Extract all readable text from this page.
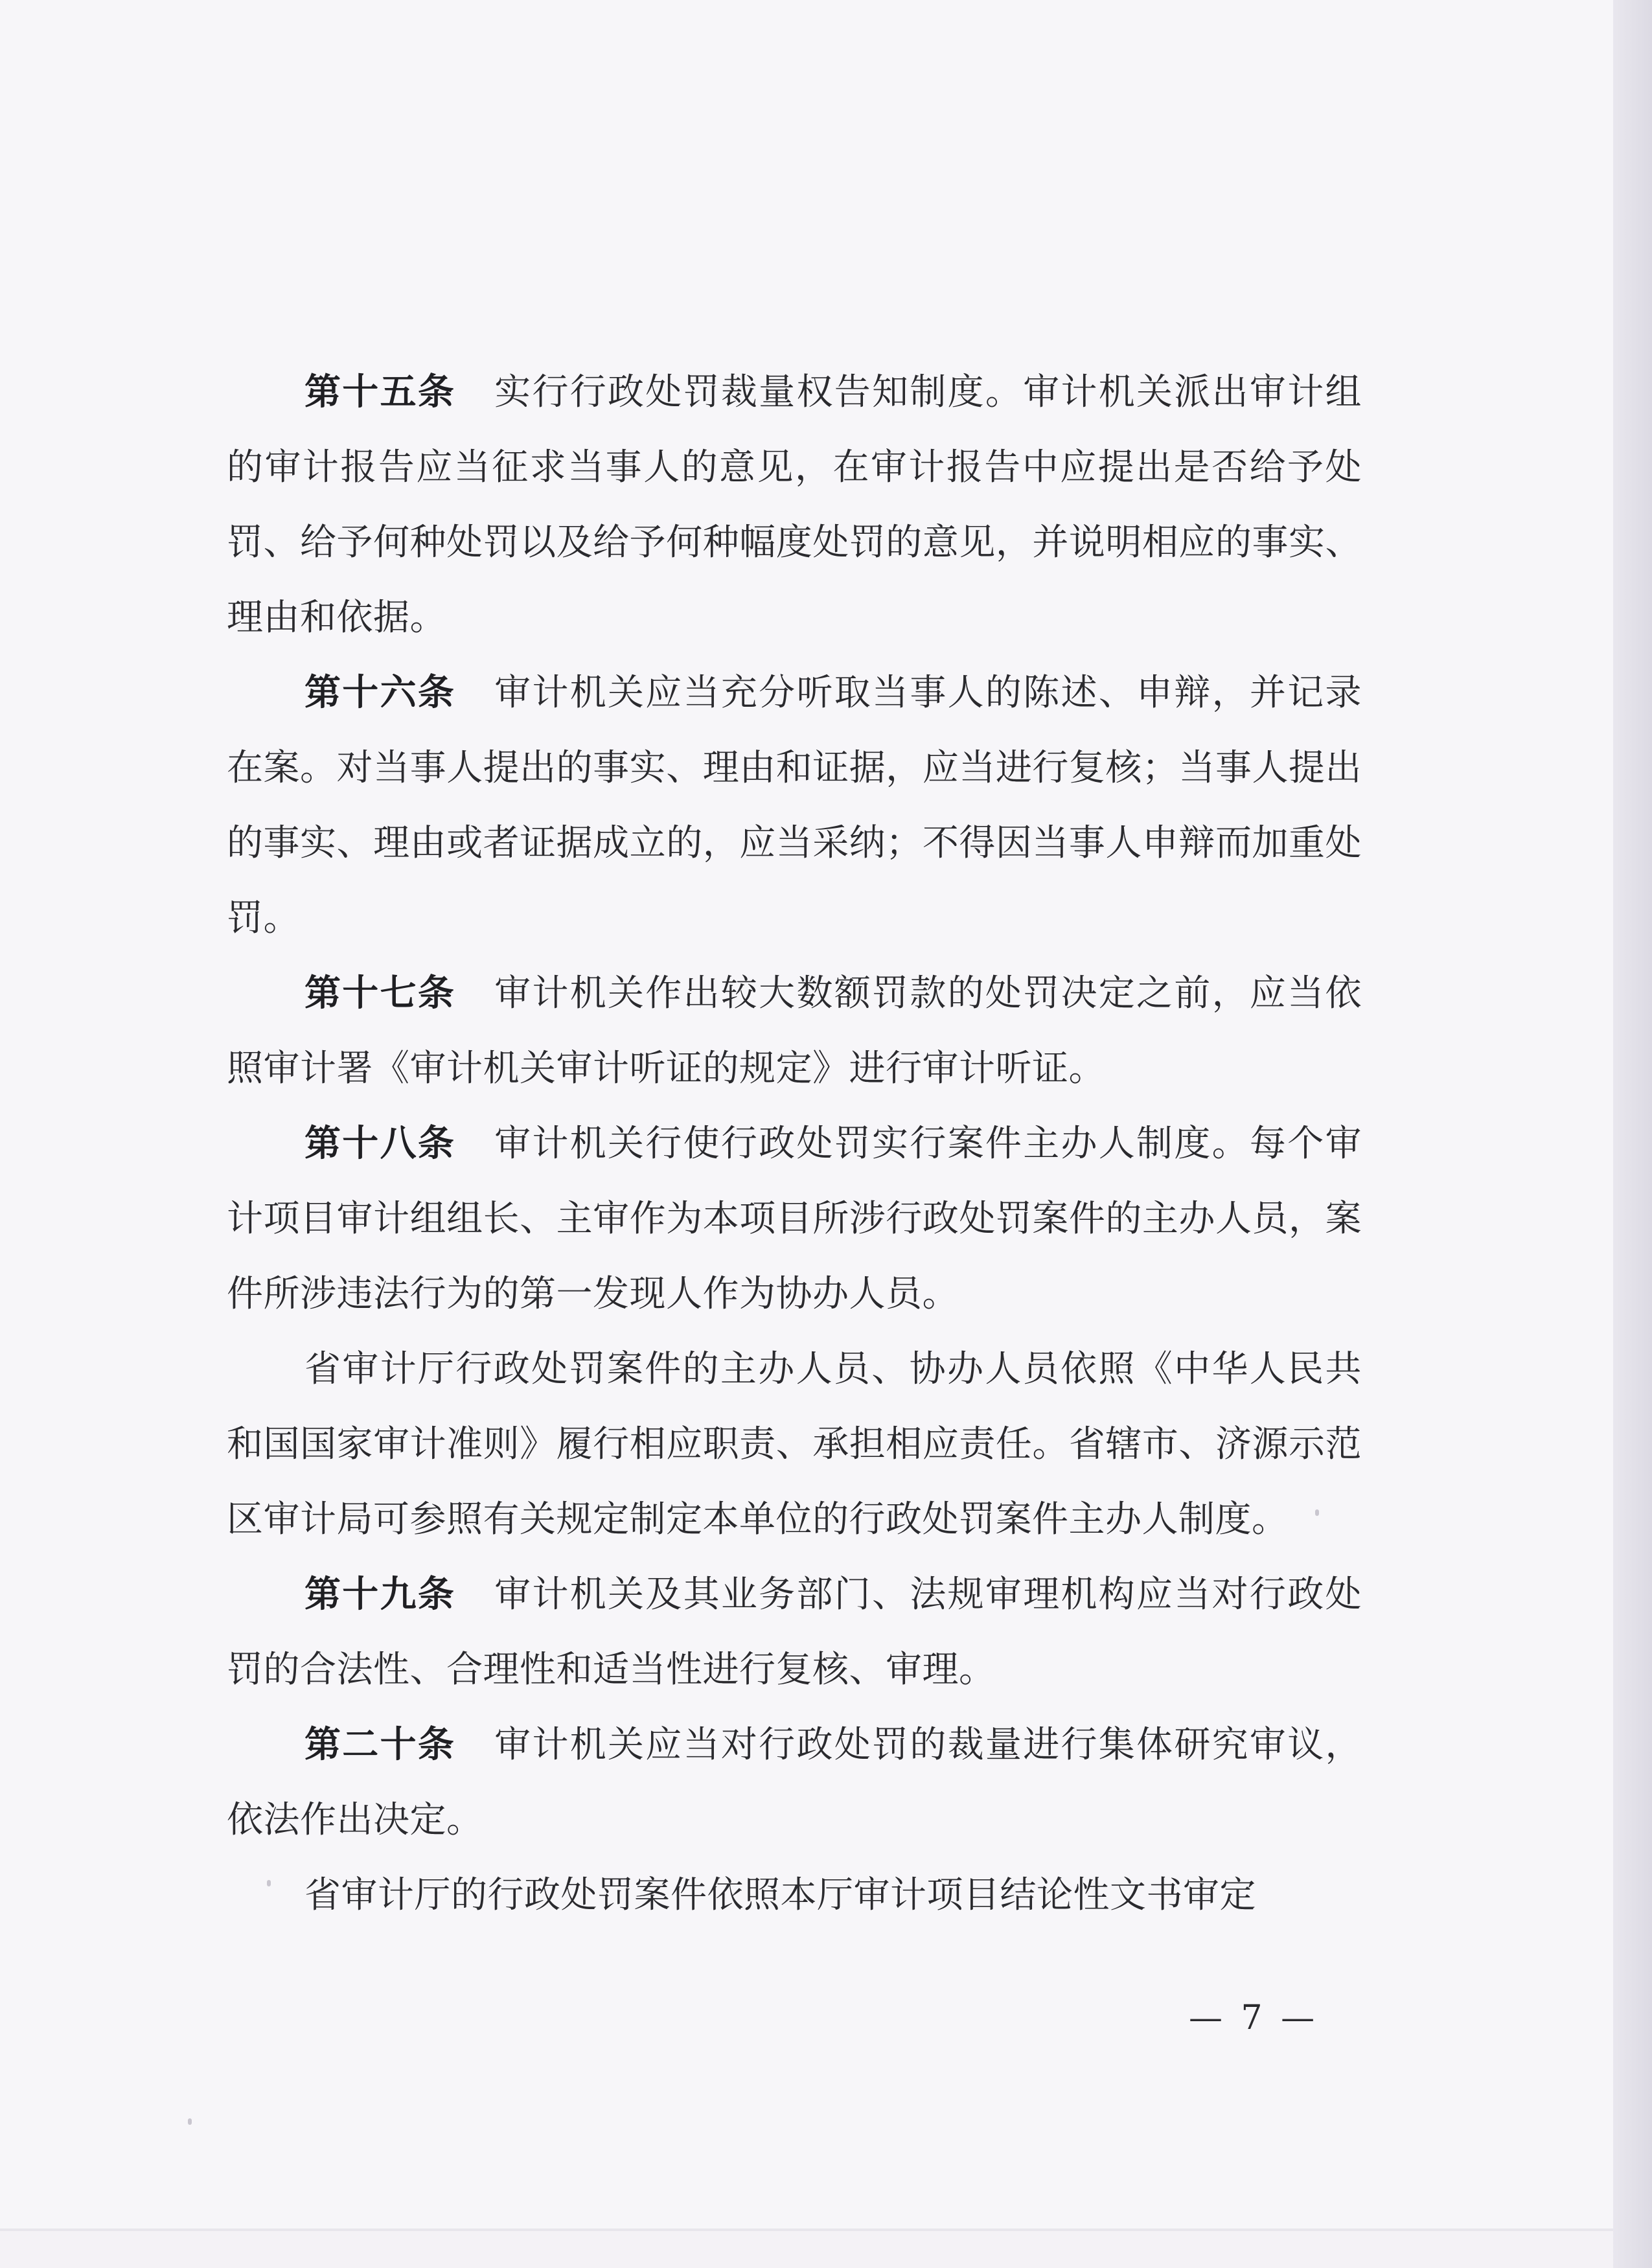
第十五条 实行行政处罚裁量权告知制度。审计机关派出审计组的审计报告应当征求当事人的意见，在审计报告中应提出是否给予处罚、给予何种处罚以及给予何种幅度处罚的意见，并说明相应的事实、理由和依据。

第十六条 审计机关应当充分听取当事人的陈述、申辩，并记录在案。对当事人提出的事实、理由和证据，应当进行复核；当事人提出的事实、理由或者证据成立的，应当采纳；不得因当事人申辩而加重处罚。

第十七条 审计机关作出较大数额罚款的处罚决定之前，应当依照审计署《审计机关审计听证的规定》进行审计听证。

第十八条 审计机关行使行政处罚实行案件主办人制度。每个审计项目审计组组长、主审作为本项目所涉行政处罚案件的主办人员，案件所涉违法行为的第一发现人作为协办人员。

省审计厅行政处罚案件的主办人员、协办人员依照《中华人民共和国国家审计准则》履行相应职责、承担相应责任。省辖市、济源示范区审计局可参照有关规定制定本单位的行政处罚案件主办人制度。

第十九条 审计机关及其业务部门、法规审理机构应当对行政处罚的合法性、合理性和适当性进行复核、审理。

第二十条 审计机关应当对行政处罚的裁量进行集体研究审议，依法作出决定。

省审计厅的行政处罚案件依照本厅审计项目结论性文书审定

— 7 —
